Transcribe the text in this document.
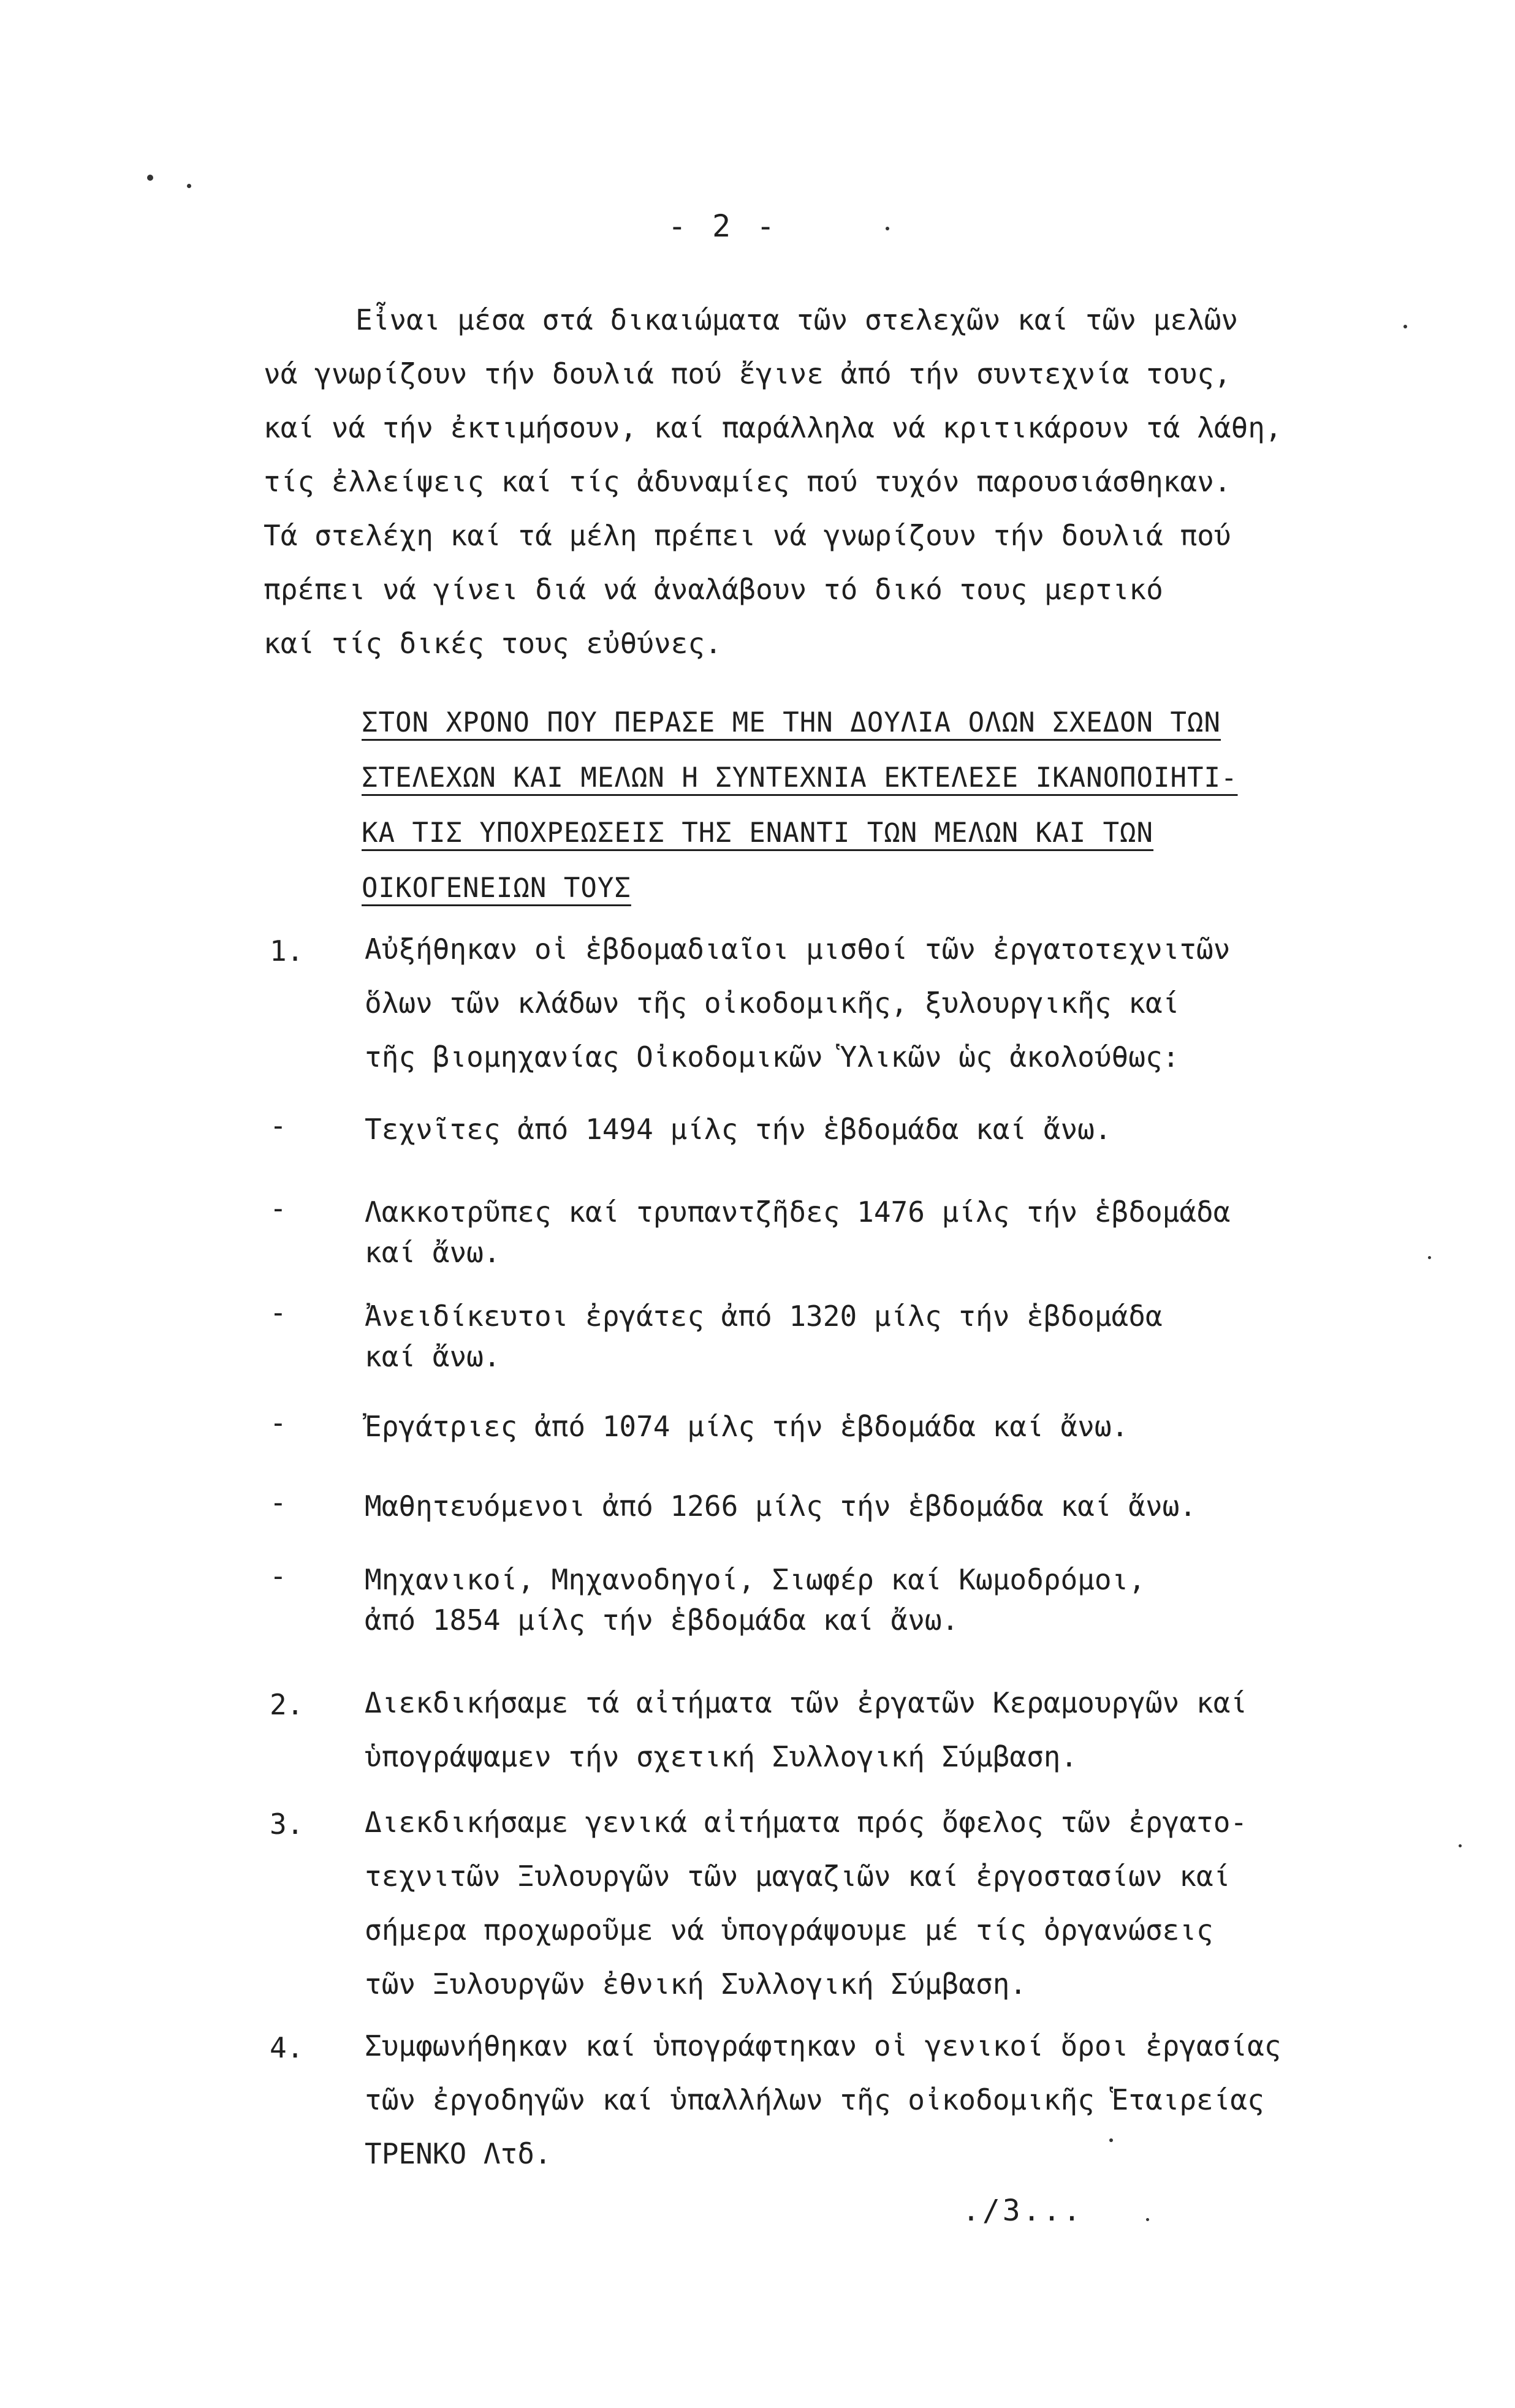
- 2 -
Εἶναι μέσα στά δικαιώματα τῶν στελεχῶν καί τῶν μελῶν
νά γνωρίζουν τήν δουλιά πού ἔγινε ἀπό τήν συντεχνία τους,
καί νά τήν ἐκτιμήσουν, καί παράλληλα νά κριτικάρουν τά λάθη,
τίς ἐλλείψεις καί τίς ἀδυναμίες πού τυχόν παρουσιάσθηκαν.
Τά στελέχη καί τά μέλη πρέπει νά γνωρίζουν τήν δουλιά πού
πρέπει νά γίνει διά νά ἀναλάβουν τό δικό τους μερτικό
καί τίς δικές τους εὐθύνες.
ΣΤΟΝ ΧΡΟΝΟ ΠΟΥ ΠΕΡΑΣΕ ΜΕ ΤΗΝ ΔΟΥΛΙΑ ΟΛΩΝ ΣΧΕΔΟΝ ΤΩΝ
ΣΤΕΛΕΧΩΝ ΚΑΙ ΜΕΛΩΝ Η ΣΥΝΤΕΧΝΙΑ ΕΚΤΕΛΕΣΕ ΙΚΑΝΟΠΟΙΗΤΙ-
ΚΑ ΤΙΣ ΥΠΟΧΡΕΩΣΕΙΣ ΤΗΣ ΕΝΑΝΤΙ ΤΩΝ ΜΕΛΩΝ ΚΑΙ ΤΩΝ
ΟΙΚΟΓΕΝΕΙΩΝ ΤΟΥΣ
1. Αὐξήθηκαν οἱ ἑβδομαδιαῖοι μισθοί τῶν ἐργατοτεχνιτῶν
ὅλων τῶν κλάδων τῆς οἰκοδομικῆς, ξυλουργικῆς καί
τῆς βιομηχανίας Οἰκοδομικῶν Ὑλικῶν ὡς ἀκολούθως:
-	Τεχνῖτες ἀπό 1494 μίλς τήν ἑβδομάδα καί ἄνω.
-	Λακκοτρῦπες καί τρυπαντζῆδες 1476 μίλς τήν ἑβδομάδα
καί ἄνω.
-	Ἀνειδίκευτοι ἐργάτες ἀπό 1320 μίλς τήν ἑβδομάδα
καί ἄνω.
-	Ἐργάτριες ἀπό 1074 μίλς τήν ἑβδομάδα καί ἄνω.
-	Μαθητευόμενοι ἀπό 1266 μίλς τήν ἑβδομάδα καί ἄνω.
-	Μηχανικοί, Μηχανοδηγοί, Σιωφέρ καί Κωμοδρόμοι,
ἀπό 1854 μίλς τήν ἑβδομάδα καί ἄνω.
2. Διεκδικήσαμε τά αἰτήματα τῶν ἐργατῶν Κεραμουργῶν καί
ὑπογράψαμεν τήν σχετική Συλλογική Σύμβαση.
3. Διεκδικήσαμε γενικά αἰτήματα πρός ὄφελος τῶν ἐργατο-
τεχνιτῶν Ξυλουργῶν τῶν μαγαζιῶν καί ἐργοστασίων καί
σήμερα προχωροῦμε νά ὑπογράψουμε μέ τίς ὀργανώσεις
τῶν Ξυλουργῶν ἐθνική Συλλογική Σύμβαση.
4. Συμφωνήθηκαν καί ὑπογράφτηκαν οἱ γενικοί ὅροι ἐργασίας
τῶν ἐργοδηγῶν καί ὑπαλλήλων τῆς οἰκοδομικῆς Ἑταιρείας
ΤΡΕΝΚΟ Λτδ.
./3...
